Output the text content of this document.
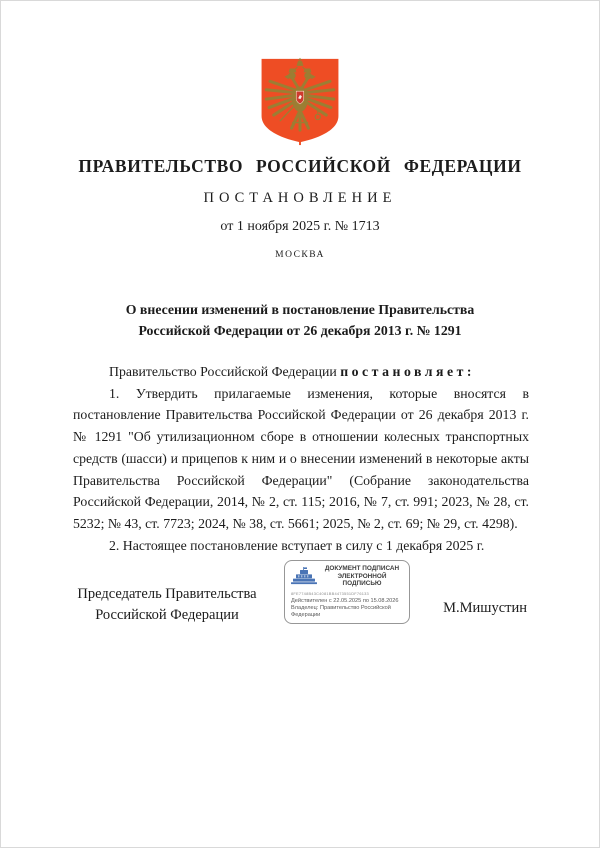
ПРАВИТЕЛЬСТВО РОССИЙСКОЙ ФЕДЕРАЦИИ
ПОСТАНОВЛЕНИЕ
от 1 ноября 2025 г. № 1713
МОСКВА
О внесении изменений в постановление Правительства
Российской Федерации от 26 декабря 2013 г. № 1291

Правительство Российской Федерации постановляет:

1. Утвердить прилагаемые изменения, которые вносятся в постановление Правительства Российской Федерации от 26 декабря 2013 г. № 1291 "Об утилизационном сборе в отношении колесных транспортных средств (шасси) и прицепов к ним и о внесении изменений в некоторые акты Правительства Российской Федерации" (Собрание законодательства Российской Федерации, 2014, № 2, ст. 115; 2016, № 7, ст. 991; 2023, № 28, ст. 5232; № 43, ст. 7723; 2024, № 38, ст. 5661; 2025, № 2, ст. 69; № 29, ст. 4298).

2. Настоящее постановление вступает в силу с 1 декабря 2025 г.

Председатель Правительства
Российской Федерации
ДОКУМЕНТ ПОДПИСАН
ЭЛЕКТРОННОЙ ПОДПИСЬЮ
8FE7748B43C4081BB4473551DF76133
Действителен с 22.05.2025 по 15.08.2026
Владелец: Правительство Российской
Федерации	М.Мишустин
